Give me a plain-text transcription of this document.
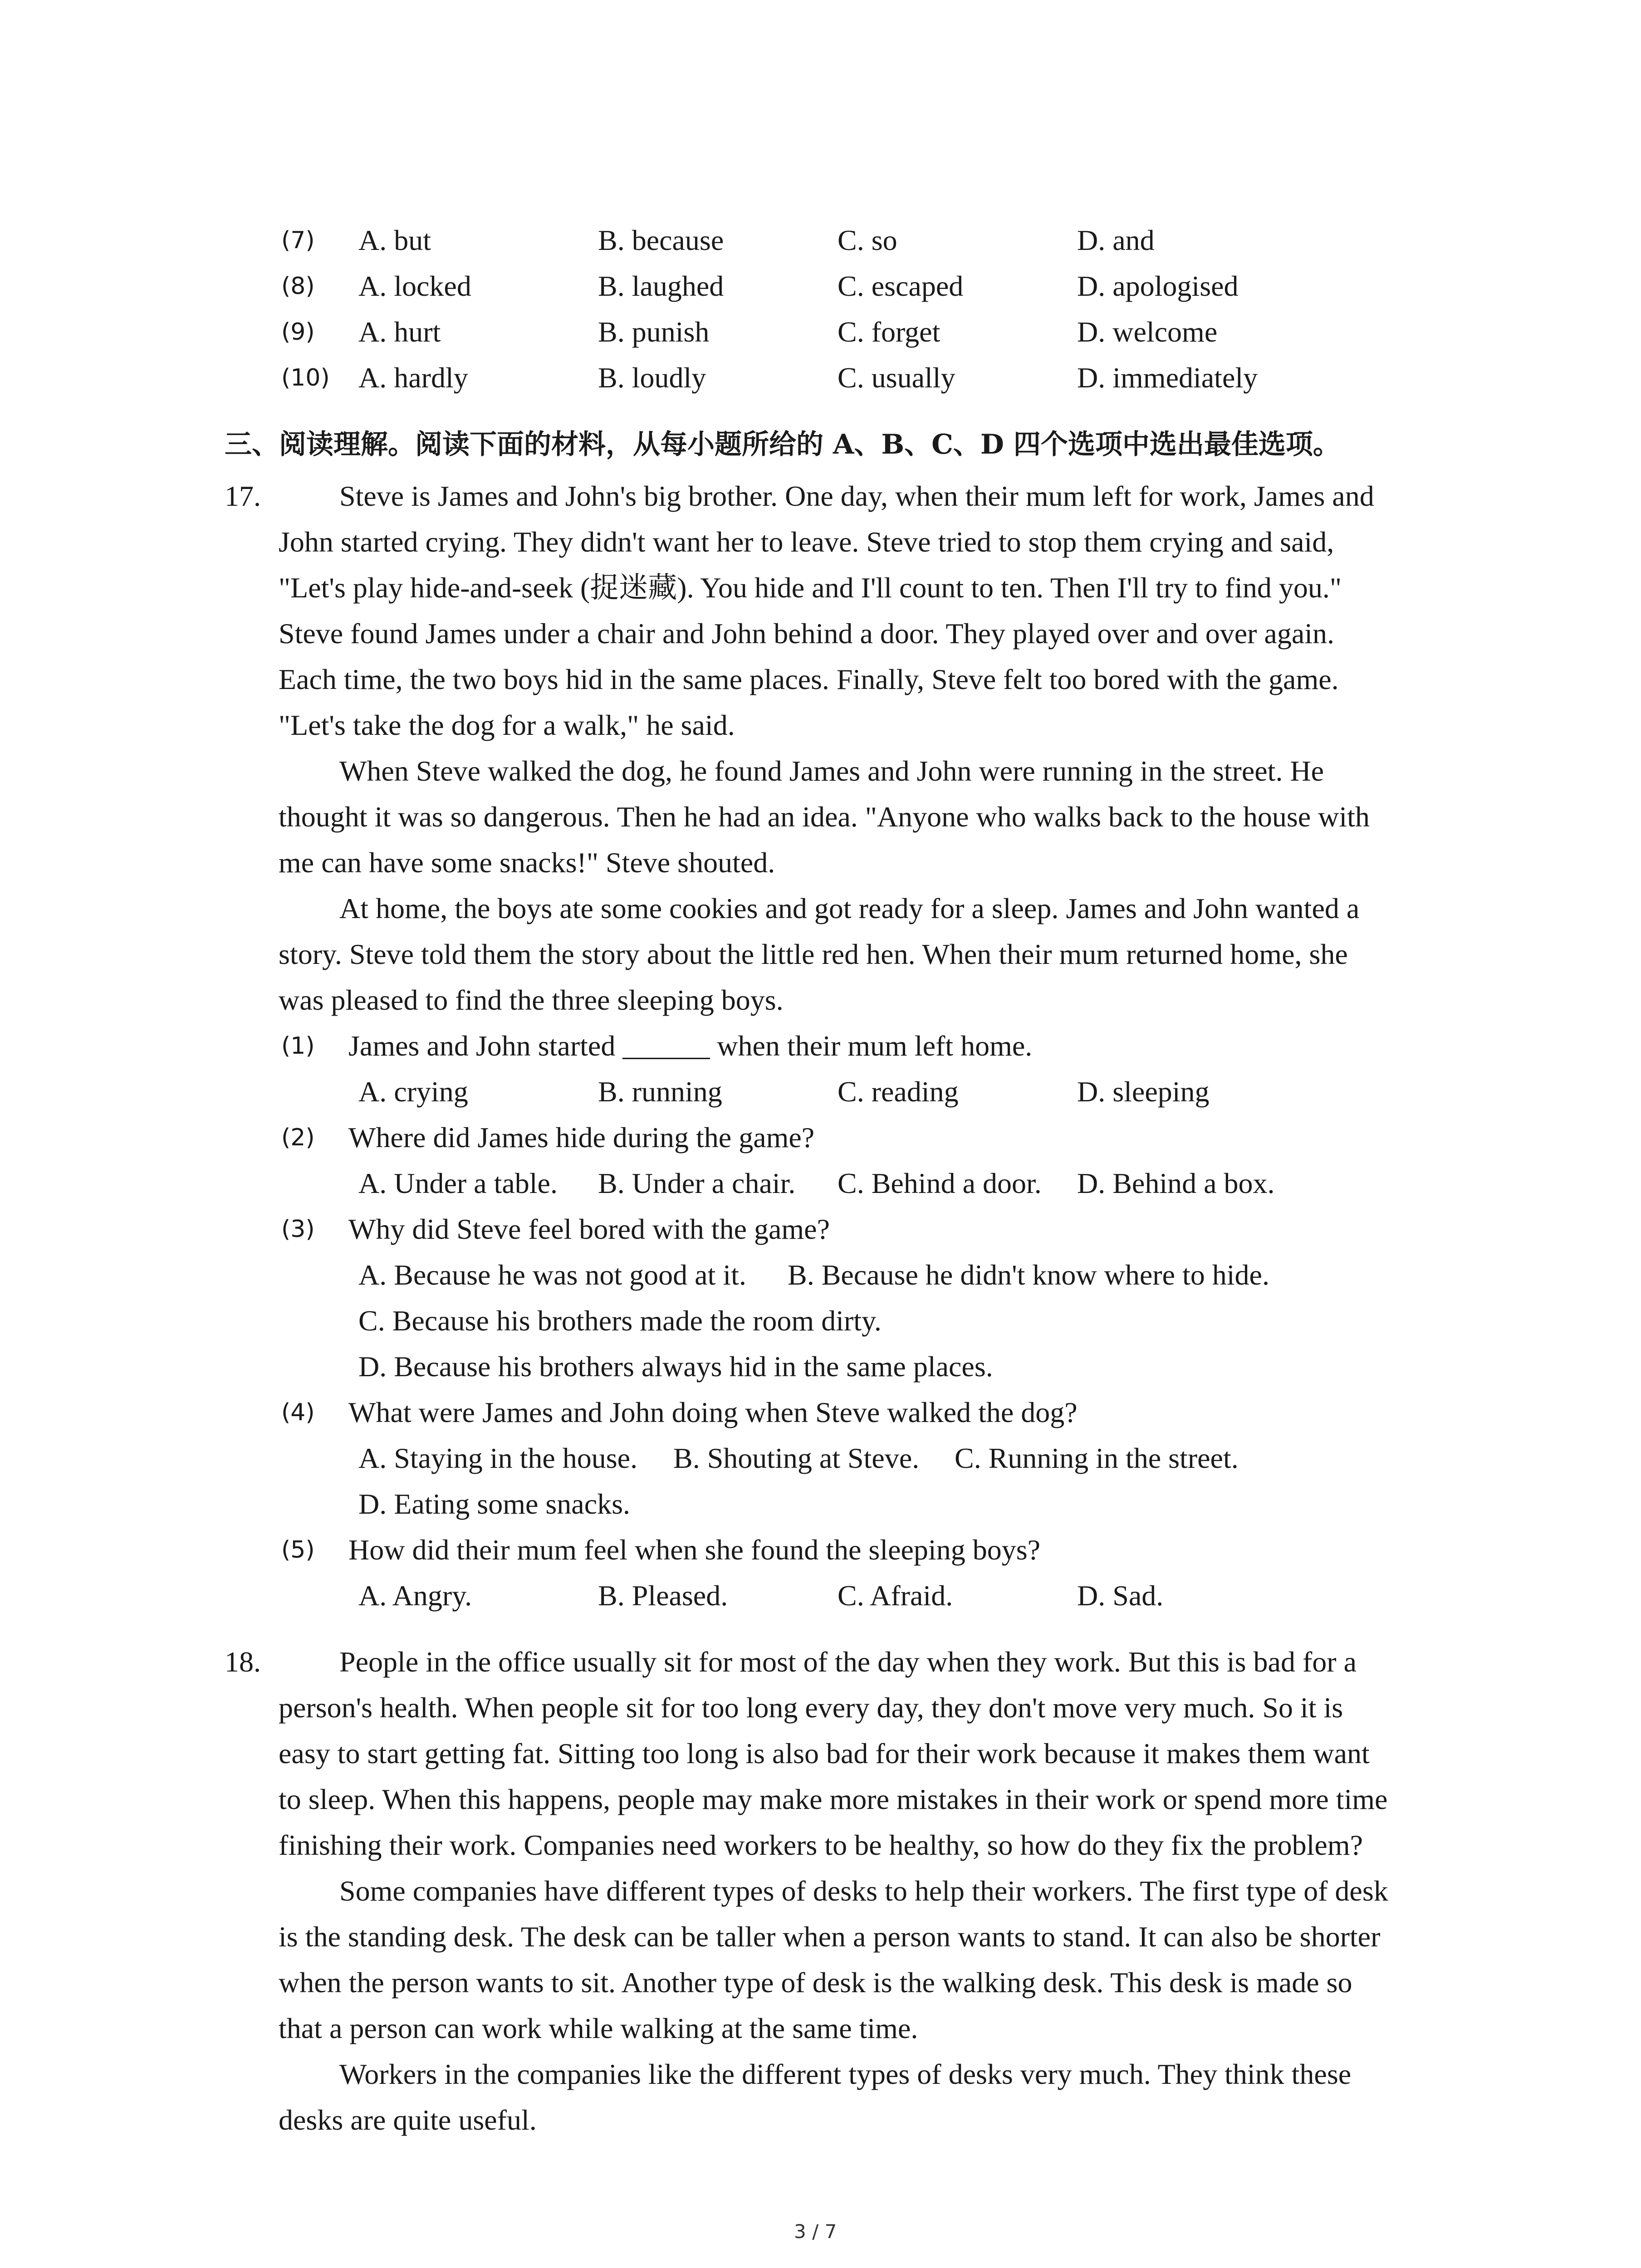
(7) A. but	B. because	C. so	D. and
(8) A. locked	B. laughed	C. escaped	D. apologised
(9) A. hurt	B. punish	C. forget	D. welcome
(10) A. hardly	B. loudly	C. usually	D. immediately
三、阅读理解。阅读下面的材料，从每小题所给的 A、B、C、D 四个选项中选出最佳选项。
17.	Steve is James and John's big brother. One day, when their mum left for work, James and
John started crying. They didn't want her to leave. Steve tried to stop them crying and said,
"Let's play hide-and-seek (捉迷藏). You hide and I'll count to ten. Then I'll try to find you."
Steve found James under a chair and John behind a door. They played over and over again.
Each time, the two boys hid in the same places. Finally, Steve felt too bored with the game.
"Let's take the dog for a walk," he said.
When Steve walked the dog, he found James and John were running in the street. He
thought it was so dangerous. Then he had an idea. "Anyone who walks back to the house with
me can have some snacks!" Steve shouted.
At home, the boys ate some cookies and got ready for a sleep. James and John wanted a
story. Steve told them the story about the little red hen. When their mum returned home, she
was pleased to find the three sleeping boys.
(1) James and John started ______ when their mum left home.
A. crying	B. running	C. reading	D. sleeping
(2) Where did James hide during the game?
A. Under a table. B. Under a chair. C. Behind a door. D. Behind a box.
(3) Why did Steve feel bored with the game?
A. Because he was not good at it. B. Because he didn't know where to hide.
C. Because his brothers made the room dirty.
D. Because his brothers always hid in the same places.
(4) What were James and John doing when Steve walked the dog?
A. Staying in the house. B. Shouting at Steve. C. Running in the street.
D. Eating some snacks.
(5) How did their mum feel when she found the sleeping boys?
A. Angry.	B. Pleased.	C. Afraid.	D. Sad.
18.	People in the office usually sit for most of the day when they work. But this is bad for a
person's health. When people sit for too long every day, they don't move very much. So it is
easy to start getting fat. Sitting too long is also bad for their work because it makes them want
to sleep. When this happens, people may make more mistakes in their work or spend more time
finishing their work. Companies need workers to be healthy, so how do they fix the problem?
Some companies have different types of desks to help their workers. The first type of desk
is the standing desk. The desk can be taller when a person wants to stand. It can also be shorter
when the person wants to sit. Another type of desk is the walking desk. This desk is made so
that a person can work while walking at the same time.
Workers in the companies like the different types of desks very much. They think these
desks are quite useful.
3 / 7
